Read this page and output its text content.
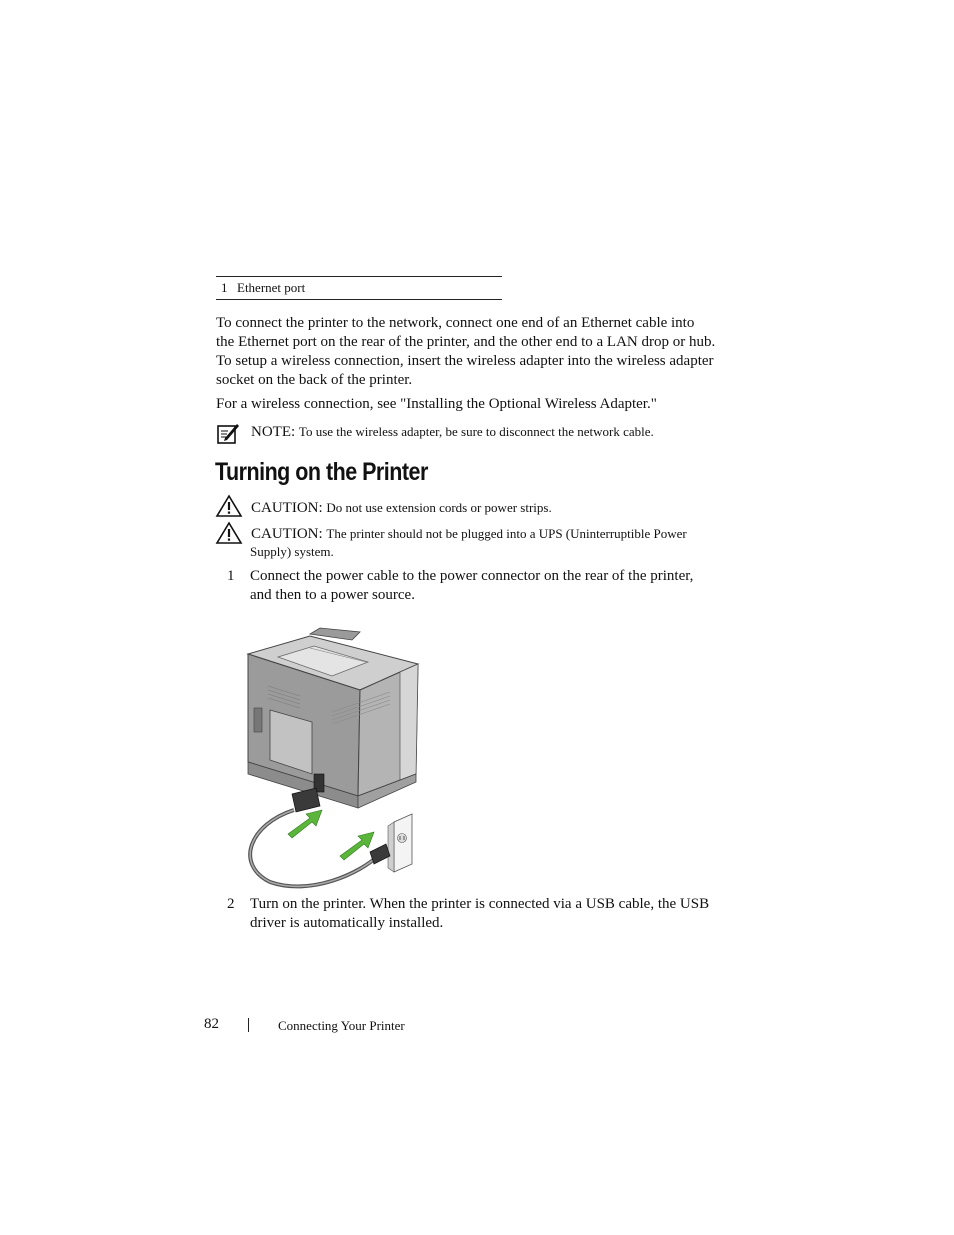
1 Ethernet port
To connect the printer to the network, connect one end of an Ethernet cable into the Ethernet port on the rear of the printer, and the other end to a LAN drop or hub. To setup a wireless connection, insert the wireless adapter into the wireless adapter socket on the back of the printer.
For a wireless connection, see "Installing the Optional Wireless Adapter."
NOTE: To use the wireless adapter, be sure to disconnect the network cable.
Turning on the Printer
CAUTION: Do not use extension cords or power strips.
CAUTION: The printer should not be plugged into a UPS (Uninterruptible Power
Supply) system.
1 Connect the power cable to the power connector on the rear of the printer, and then to a power source.
2 Turn on the printer. When the printer is connected via a USB cable, the USB driver is automatically installed.
82	Connecting Your Printer
